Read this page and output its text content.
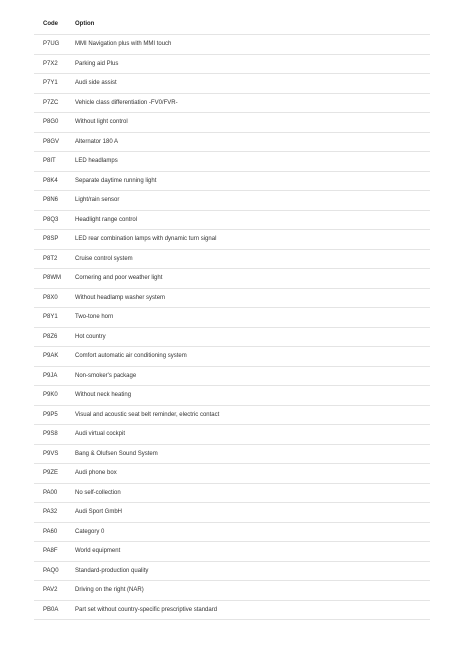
Code	Option
P7UG	MMI Navigation plus with MMI touch
P7X2	Parking aid Plus
P7Y1	Audi side assist
P7ZC	Vehicle class differentiation -FV0/FVR-
P8G0	Without light control
P8GV	Alternator 180 A
P8IT	LED headlamps
P8K4	Separate daytime running light
P8N6	Light/rain sensor
P8Q3	Headlight range control
P8SP	LED rear combination lamps with dynamic turn signal
P8T2	Cruise control system
P8WM	Cornering and poor weather light
P8X0	Without headlamp washer system
P8Y1	Two-tone horn
P8Z6	Hot country
P9AK	Comfort automatic air conditioning system
P9JA	Non-smoker's package
P9K0	Without neck heating
P9P5	Visual and acoustic seat belt reminder, electric contact
P9S8	Audi virtual cockpit
P9VS	Bang & Olufsen Sound System
P9ZE	Audi phone box
PA00	No self-collection
PA32	Audi Sport GmbH
PA60	Category 0
PA8F	World equipment
PAQ0	Standard-production quality
PAV2	Driving on the right (NAR)
PB0A	Part set without country-specific prescriptive standard
